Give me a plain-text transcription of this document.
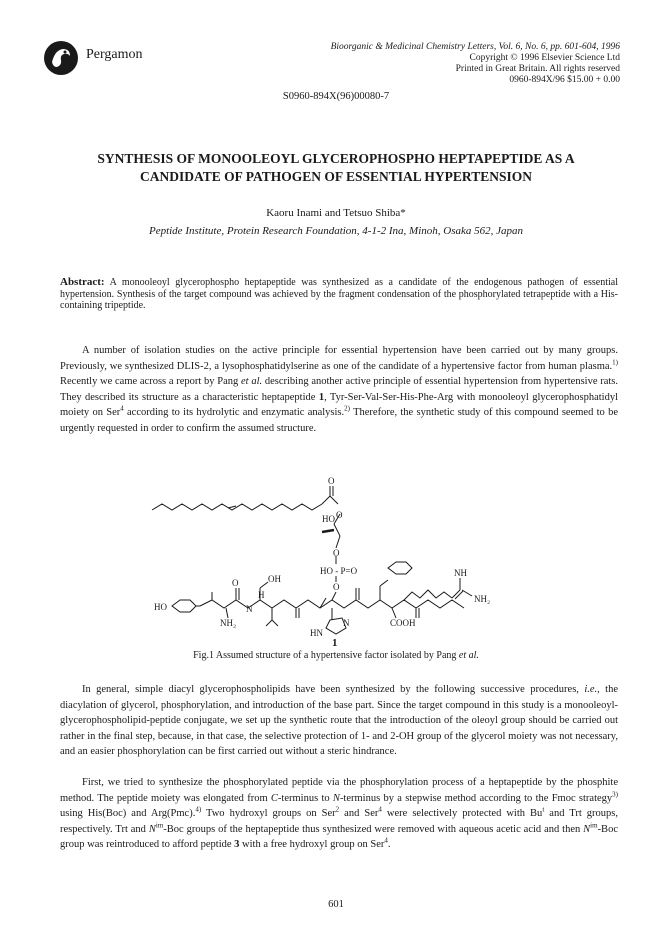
Pergamon	Bioorganic & Medicinal Chemistry Letters, Vol. 6, No. 6, pp. 601-604, 1996
Copyright © 1996 Elsevier Science Ltd
Printed in Great Britain. All rights reserved
0960-894X/96 $15.00 + 0.00
S0960-894X(96)00080-7
SYNTHESIS OF MONOOLEOYL GLYCEROPHOSPHO HEPTAPEPTIDE AS A
CANDIDATE OF PATHOGEN OF ESSENTIAL HYPERTENSION
Kaoru Inami and Tetsuo Shiba*
Peptide Institute, Protein Research Foundation, 4-1-2 Ina, Minoh, Osaka 562, Japan
Abstract: A monooleoyl glycerophospho heptapeptide was synthesized as a candidate of the endogenous pathogen of essential hypertension. Synthesis of the target compound was achieved by the fragment condensation of the phosphorylated tetrapeptide with a His-containing tripeptide.
A number of isolation studies on the active principle for essential hypertension have been carried out by many groups. Previously, we synthesized DLIS-2, a lysophosphatidylserine as one of the candidate of a hypertensive factor from human plasma.$^{1)}$ Recently we came across a report by Pang et al. describing another active principle of essential hypertension from hypertensive rats. They described its structure as a characteristic heptapeptide 1, Tyr-Ser-Val-Ser-His-Phe-Arg with monooleoyl glycerophosphatidyl moiety on Ser$^4$ according to its hydrolytic and enzymatic analysis.$^{2)}$ Therefore, the synthetic study of this compound seemed to be urgently requested in order to confirm the assumed structure.
HO O
O
O
HO - P=O
O
OH
HO
NH₂
N
O
H
COOH
NH
NH₂
HN
N
1
Fig.1 Assumed structure of a hypertensive factor isolated by Pang et al.
In general, simple diacyl glycerophospholipids have been synthesized by the following successive procedures, i.e., the diacylation of glycerol, phosphorylation, and introduction of the base part. Since the target compound in this study is a monooleoyl-glycerophospholipid-peptide conjugate, we set up the synthetic route that the introduction of the oleoyl group should be carried out rather in the final step, because, in that case, the selective protection of 1- and 2-OH group of the glycerol moiety was not necessary, and an easier phosphorylation can be first carried out without a steric hindrance.
First, we tried to synthesize the phosphorylated peptide via the phosphorylation process of a heptapeptide by the phosphite method. The peptide moiety was elongated from C-terminus to N-terminus by a stepwise method according to the Fmoc strategy$^{3)}$ using His(Boc) and Arg(Pmc).$^{4)}$ Two hydroxyl groups on Ser$^2$ and Ser$^4$ were selectively protected with Bu$^t$ and Trt groups, respectively. Trt and $N^{im}$-Boc groups of the heptapeptide thus synthesized were removed with aqueous acetic acid and then $N^{im}$-Boc group was reintroduced to afford peptide 3 with a free hydroxyl group on Ser$^4$.
601
